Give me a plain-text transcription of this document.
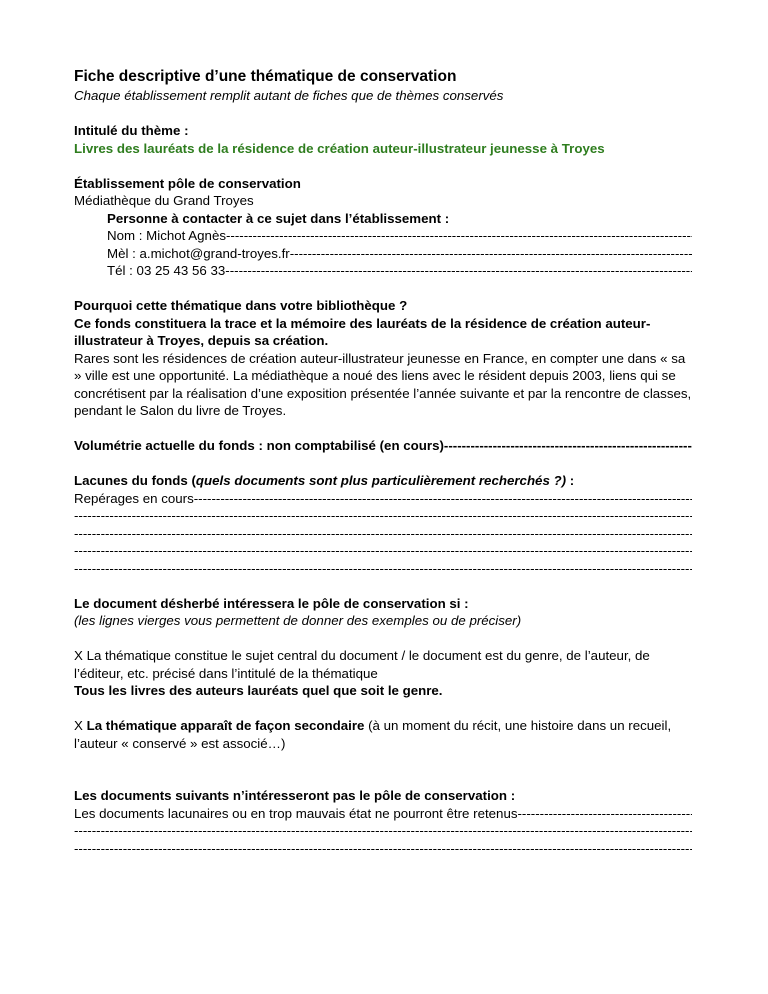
Fiche descriptive d’une thématique de conservation
Chaque établissement remplit autant de fiches que de thèmes conservés
Intitulé du thème :
Livres des lauréats de la résidence de création auteur-illustrateur jeunesse à Troyes
Établissement pôle de conservation
Médiathèque du Grand Troyes
Personne à contacter à ce sujet dans l’établissement :
Nom : Michot Agnès
-----
Mèl : a.michot@grand-troyes.fr
-----
Tél : 03 25 43 56 33
-----
Pourquoi cette thématique dans votre bibliothèque ?
Ce fonds constituera la trace et la mémoire des lauréats de la résidence de création auteur-illustrateur à Troyes, depuis sa création.
Rares sont les résidences de création auteur-illustrateur jeunesse en France, en compter une dans « sa » ville est une opportunité. La médiathèque a noué des liens avec le résident depuis 2003, liens qui se concrétisent par la réalisation d’une exposition présentée l’année suivante et par la rencontre de classes, pendant le Salon du livre de Troyes.
Volumétrie actuelle du fonds : non comptabilisé (en cours)
-----
Lacunes du fonds (quels documents sont plus particulièrement recherchés ?) :
Repérages en cours
-----
-----
-----
-----
-----
Le document désherbé intéressera le pôle de conservation si :
(les lignes vierges vous permettent de donner des exemples ou de préciser)
X La thématique constitue le sujet central du document / le document est du genre, de l’auteur, de l’éditeur, etc. précisé dans l’intitulé de la thématique
Tous les livres des auteurs lauréats quel que soit le genre.
X La thématique apparaît de façon secondaire (à un moment du récit, une histoire dans un recueil, l’auteur « conservé » est associé…)
Les documents suivants n’intéresseront pas le pôle de conservation :
Les documents lacunaires ou en trop mauvais état ne pourront être retenus
-----
-----
-----
